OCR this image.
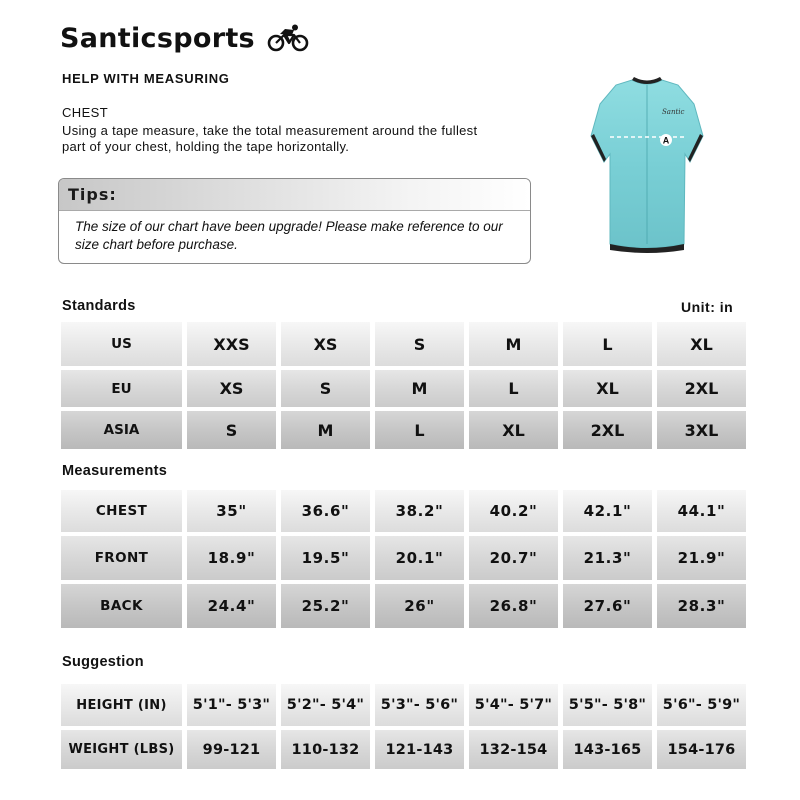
Santicsports
HELP WITH MEASURING
CHEST
Using a tape measure, take the total measurement around the fullest part of your chest, holding the tape horizontally.
Tips:
The size of our chart have been upgrade! Please make reference to our size chart before purchase.
Santic
A
Standards	Unit: in
US	XXS	XS	S	M	L	XL
EU	XS	S	M	L	XL	2XL
ASIA	S	M	L	XL	2XL	3XL
Measurements
CHEST	35"	36.6"	38.2"	40.2"	42.1"	44.1"
FRONT	18.9"	19.5"	20.1"	20.7"	21.3"	21.9"
BACK	24.4"	25.2"	26"	26.8"	27.6"	28.3"
Suggestion
HEIGHT (IN)	5'1"- 5'3"	5'2"- 5'4"	5'3"- 5'6"	5'4"- 5'7"	5'5"- 5'8"	5'6"- 5'9"
WEIGHT (LBS)	99-121	110-132	121-143	132-154	143-165	154-176
